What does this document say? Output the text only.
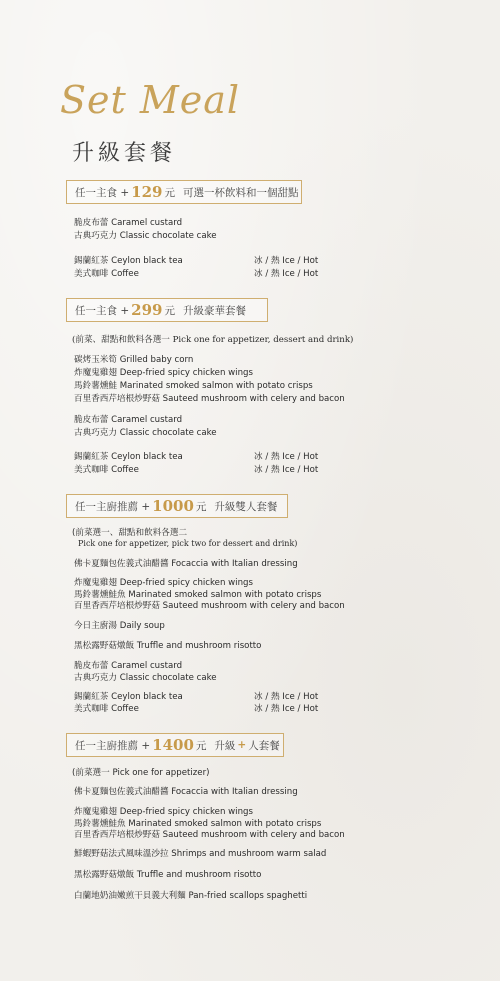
Set Meal
升級套餐
任一主食 + 129 元 可選一杯飲料和一個甜點
脆皮布蕾 Caramel custard
古典巧克力 Classic chocolate cake
錫蘭紅茶 Ceylon black tea	冰 / 熱 Ice / Hot
美式咖啡 Coffee	冰 / 熱 Ice / Hot
任一主食 + 299 元 升級豪華套餐
(前菜、甜點和飲料各選一 Pick one for appetizer, dessert and drink)
碳烤玉米筍 Grilled baby corn
炸魔鬼雞翅 Deep-fried spicy chicken wings
馬鈴薯燻鮭 Marinated smoked salmon with potato crisps
百里香西芹培根炒野菇 Sauteed mushroom with celery and bacon
脆皮布蕾 Caramel custard
古典巧克力 Classic chocolate cake
錫蘭紅茶 Ceylon black tea	冰 / 熱 Ice / Hot
美式咖啡 Coffee	冰 / 熱 Ice / Hot
任一主廚推薦 + 1000 元 升級雙人套餐
(前菜選一、甜點和飲料各選二
Pick one for appetizer, pick two for dessert and drink)
佛卡夏麵包佐義式油醋醬 Focaccia with Italian dressing
炸魔鬼雞翅 Deep-fried spicy chicken wings
馬鈴薯燻鮭魚 Marinated smoked salmon with potato crisps
百里香西芹培根炒野菇 Sauteed mushroom with celery and bacon
今日主廚湯 Daily soup
黑松露野菇燉飯 Truffle and mushroom risotto
脆皮布蕾 Caramel custard
古典巧克力 Classic chocolate cake
錫蘭紅茶 Ceylon black tea	冰 / 熱 Ice / Hot
美式咖啡 Coffee	冰 / 熱 Ice / Hot
任一主廚推薦 + 1400 元 升級 + 人套餐
(前菜選一 Pick one for appetizer)
佛卡夏麵包佐義式油醋醬 Focaccia with Italian dressing
炸魔鬼雞翅 Deep-fried spicy chicken wings
馬鈴薯燻鮭魚 Marinated smoked salmon with potato crisps
百里香西芹培根炒野菇 Sauteed mushroom with celery and bacon
鮮蝦野菇法式風味溫沙拉 Shrimps and mushroom warm salad
黑松露野菇燉飯 Truffle and mushroom risotto
白蘭地奶油嫩煎干貝義大利麵 Pan-fried scallops spaghetti
